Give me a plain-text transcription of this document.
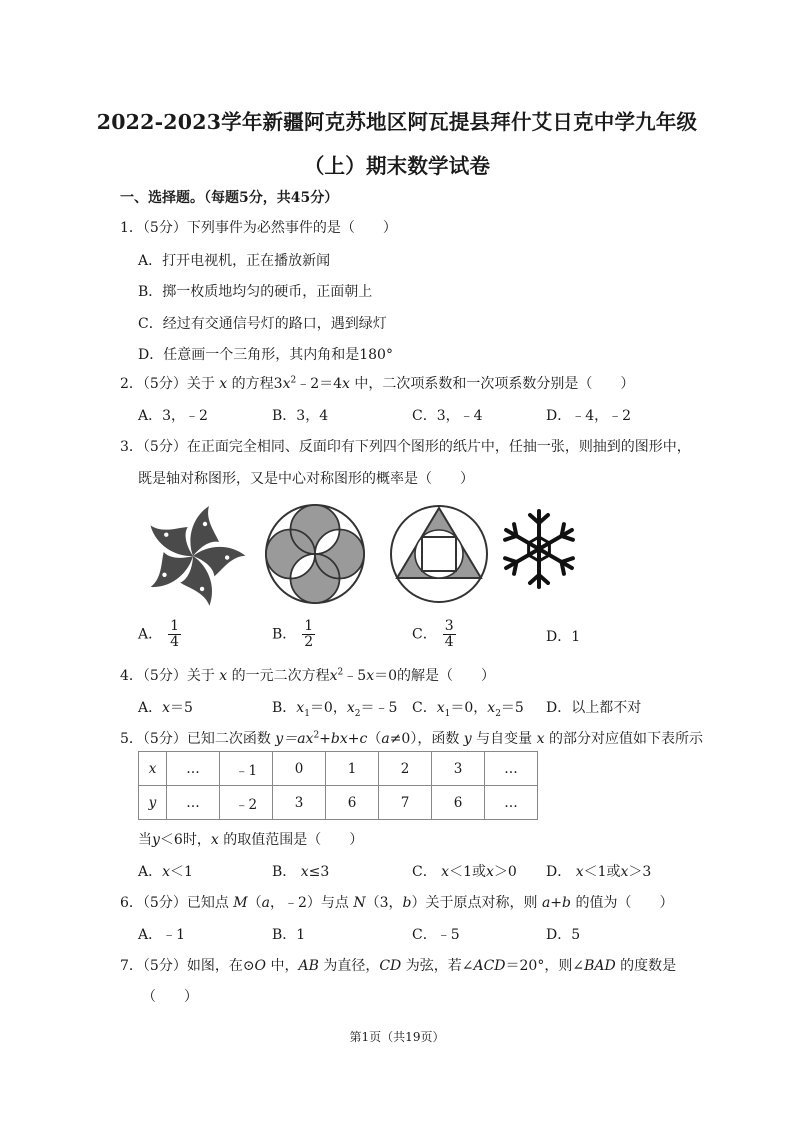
2022-2023学年新疆阿克苏地区阿瓦提县拜什艾日克中学九年级
（上）期末数学试卷
一、选择题。（每题5分，共45分）
1．（5分）下列事件为必然事件的是（　　）
A．打开电视机，正在播放新闻
B．掷一枚质地均匀的硬币，正面朝上
C．经过有交通信号灯的路口，遇到绿灯
D．任意画一个三角形，其内角和是180°
2．（5分）关于 x 的方程$3x^2﹣2=4x$ 中，二次项系数和一次项系数分别是（　　）
A．3，﹣2	B．3，4	C．3，﹣4	D．﹣4，﹣2
3．（5分）在正面完全相同、反面印有下列四个图形的纸片中，任抽一张，则抽到的图形中，
既是轴对称图形，又是中心对称图形的概率是（　　）
A． $\frac{1}{4}$	B． $\frac{1}{2}$	C． $\frac{3}{4}$	D．1
4．（5分）关于 x 的一元二次方程$x^2﹣5x=0$的解是（　　）
A．x＝5	B．$x_1=0$，$x_2=﹣5$ C．$x_1=0$，$x_2=5$ D．以上都不对
5．（5分）已知二次函数 $y=ax^2+bx+c(a\ne 0)$，函数 y 与自变量 x 的部分对应值如下表所示
x	…	﹣1	0	1	2	3	…
y	…	﹣2	3	6	7	6	…
当y＜6时，x 的取值范围是（　　）
A．x＜1	B． x≤3	C． x＜1或x＞0 D． x＜1或x＞3
6．（5分）已知点 M（a，﹣2）与点 N（3，b）关于原点对称，则 a+b 的值为（　　）
A．﹣1	B．1	C．﹣5	D．5
7．（5分）如图，在⊙O 中，AB 为直径，CD 为弦，若∠ACD＝20°，则∠BAD 的度数是
（　　）
第1页（共19页）
